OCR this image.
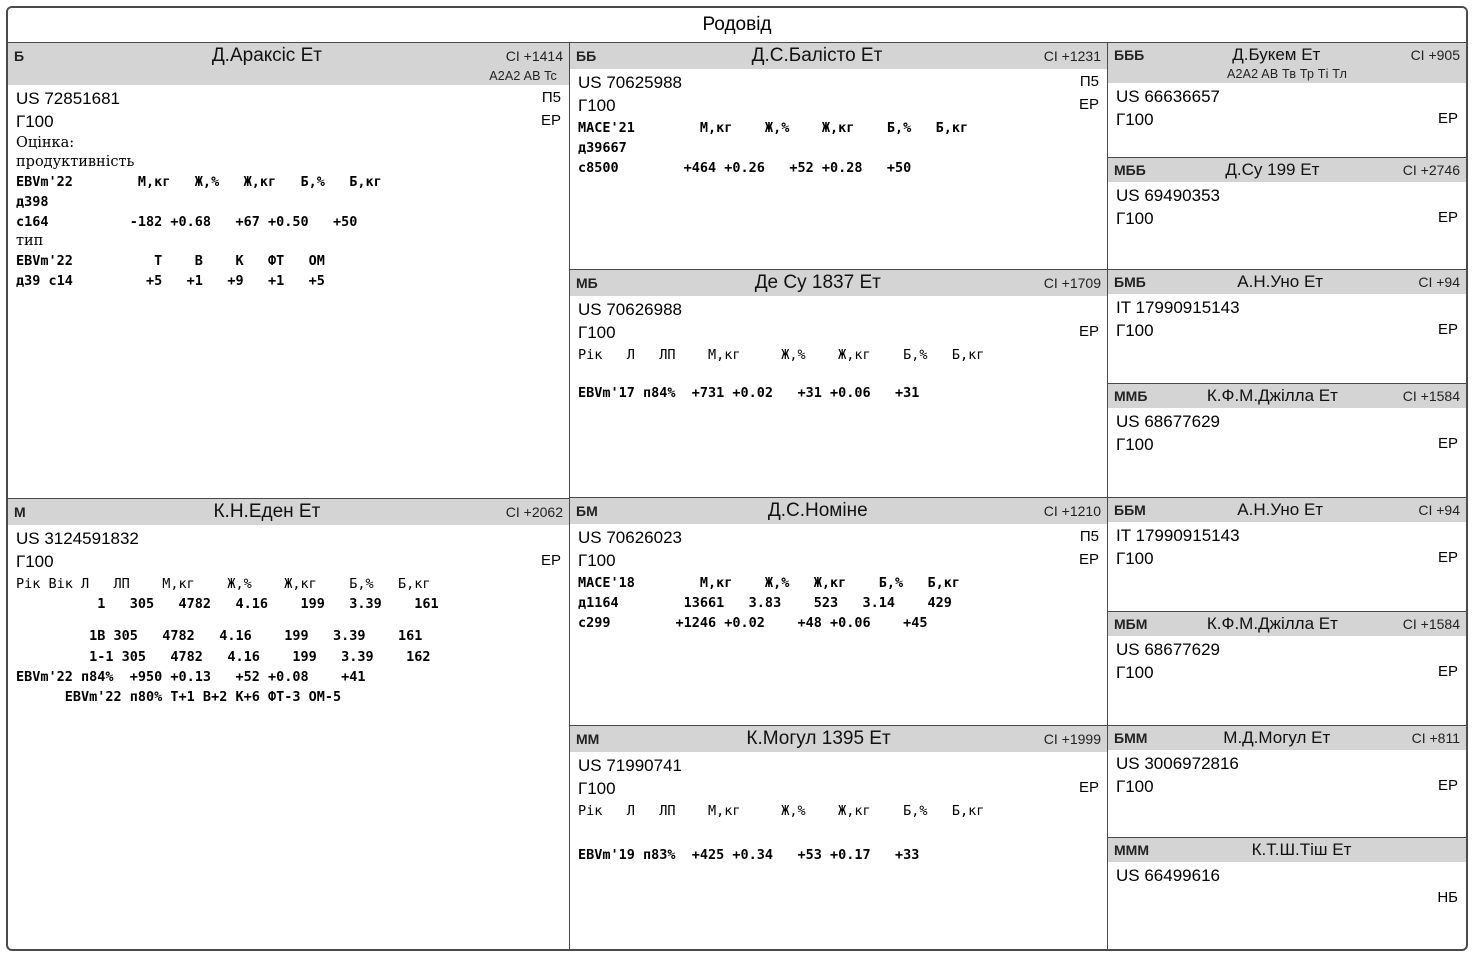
Родовід
Б	Д.Аракcіс Ет	CI +1414
A2A2 AB Tc
US 72851681	П5
Г100	EP
Оцінка:
продуктивність
EBVm'22        М,кг   Ж,%   Ж,кг   Б,%   Б,кг
д398
с164          -182 +0.68   +67 +0.50   +50
тип
EBVm'22          Т    В    К   ФТ   ОМ
д39 с14         +5   +1   +9   +1   +5
М	К.Н.Еден Ет	CI +2062
US 3124591832
Г100	EP
Рік Вік Л   ЛП    М,кг    Ж,%    Ж,кг    Б,%   Б,кг
1   305   4782   4.16    199   3.39    161
1В 305   4782   4.16    199   3.39    161
1-1 305   4782   4.16    199   3.39    162
EBVm'22 п84%  +950 +0.13   +52 +0.08    +41
EBVm'22 п80% Т+1 В+2 К+6 ФТ-3 ОМ-5
ББ	Д.С.Балісто Ет	CI +1231
US 70625988	П5
Г100	EP
MACE'21        М,кг    Ж,%    Ж,кг    Б,%   Б,кг
д39667
с8500        +464 +0.26   +52 +0.28   +50
МБ	Де Су 1837 Ет	CI +1709
US 70626988
Г100	EP
Рік   Л   ЛП    М,кг     Ж,%    Ж,кг    Б,%   Б,кг
EBVm'17 п84%  +731 +0.02   +31 +0.06   +31
БМ	Д.С.Номіне	CI +1210
US 70626023	П5
Г100	EP
MACE'18        М,кг    Ж,%   Ж,кг    Б,%   Б,кг
д1164        13661   3.83    523   3.14    429
с299        +1246 +0.02    +48 +0.06    +45
ММ	К.Могул 1395 Ет	CI +1999
US 71990741
Г100	EP
Рік   Л   ЛП    М,кг     Ж,%    Ж,кг    Б,%   Б,кг
EBVm'19 п83%  +425 +0.34   +53 +0.17   +33
БББ	Д.Букем Ет	CI +905
A2A2 AB Тв Тр Ті Тл
US 66636657
Г100	EP
МББ	Д.Су 199 Ет	CI +2746
US 69490353
Г100	EP
БМБ	А.Н.Уно Ет	CI +94
IT 17990915143
Г100	EP
ММБ	К.Ф.М.Джілла Ет	CI +1584
US 68677629
Г100	EP
ББМ	А.Н.Уно Ет	CI +94
IT 17990915143
Г100	EP
МБМ	К.Ф.М.Джілла Ет	CI +1584
US 68677629
Г100	EP
БММ	М.Д.Могул Ет	CI +811
US 3006972816
Г100	EP
МММ	К.Т.Ш.Тіш Ет
US 66499616
НБ
